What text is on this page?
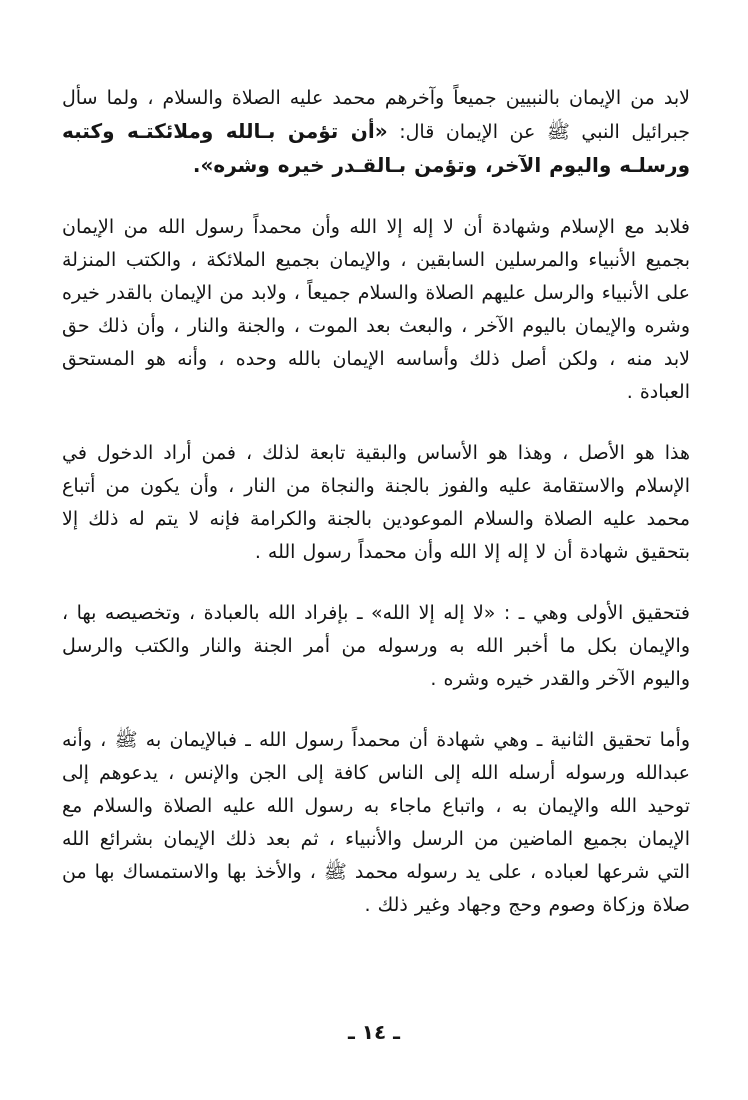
لابد من الإيمان بالنبيين جميعاً وآخرهم محمد عليه الصلاة والسلام ، ولما سأل جبرائيل النبي ﷺ عن الإيمان قال: «أن تؤمن بـالله وملائكتـه وكتبه ورسلـه واليوم الآخر، وتؤمن بـالقـدر خيره وشره».

فلابد مع الإسلام وشهادة أن لا إله إلا الله وأن محمداً رسول الله من الإيمان بجميع الأنبياء والمرسلين السابقين ، والإيمان بجميع الملائكة ، والكتب المنزلة على الأنبياء والرسل عليهم الصلاة والسلام جميعاً ، ولابد من الإيمان بالقدر خيره وشره والإيمان باليوم الآخر ، والبعث بعد الموت ، والجنة والنار ، وأن ذلك حق لابد منه ، ولكن أصل ذلك وأساسه الإيمان بالله وحده ، وأنه هو المستحق العبادة .

هذا هو الأصل ، وهذا هو الأساس والبقية تابعة لذلك ، فمن أراد الدخول في الإسلام والاستقامة عليه والفوز بالجنة والنجاة من النار ، وأن يكون من أتباع محمد عليه الصلاة والسلام الموعودين بالجنة والكرامة فإنه لا يتم له ذلك إلا بتحقيق شهادة أن لا إله إلا الله وأن محمداً رسول الله .

فتحقيق الأولى وهي ـ : «لا إله إلا الله» ـ بإفراد الله بالعبادة ، وتخصيصه بها ، والإيمان بكل ما أخبر الله به ورسوله من أمر الجنة والنار والكتب والرسل واليوم الآخر والقدر خيره وشره .

وأما تحقيق الثانية ـ وهي شهادة أن محمداً رسول الله ـ فبالإيمان به ﷺ ، وأنه عبدالله ورسوله أرسله الله إلى الناس كافة إلى الجن والإنس ، يدعوهم إلى توحيد الله والإيمان به ، واتباع ماجاء به رسول الله عليه الصلاة والسلام مع الإيمان بجميع الماضين من الرسل والأنبياء ، ثم بعد ذلك الإيمان بشرائع الله التي شرعها لعباده ، على يد رسوله محمد ﷺ ، والأخذ بها والاستمساك بها من صلاة وزكاة وصوم وحج وجهاد وغير ذلك .

ـ ١٤ ـ
